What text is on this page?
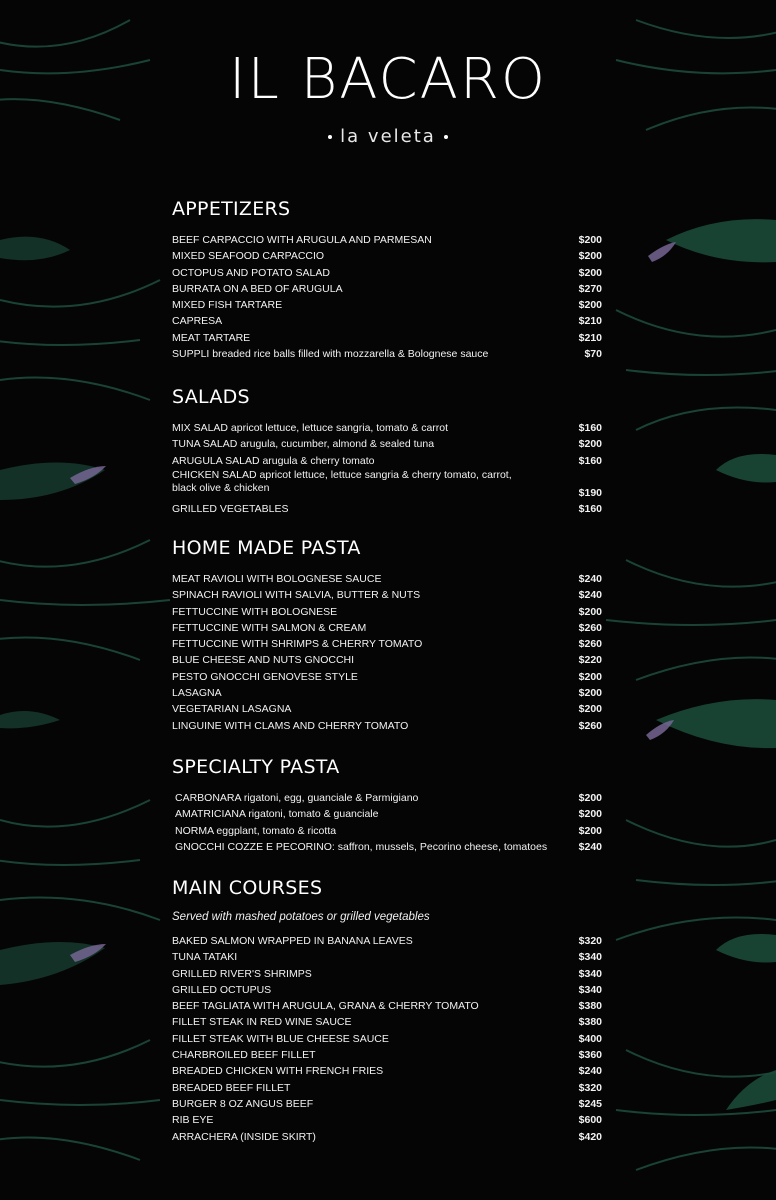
IL BACARO
la veleta
APPETIZERS
BEEF CARPACCIO WITH ARUGULA AND PARMESAN	$200
MIXED SEAFOOD CARPACCIO	$200
OCTOPUS AND POTATO SALAD	$200
BURRATA ON A BED OF ARUGULA	$270
MIXED FISH TARTARE	$200
CAPRESA	$210
MEAT TARTARE	$210
SUPPLI breaded rice balls filled with mozzarella & Bolognese sauce	$70
SALADS
MIX SALAD apricot lettuce, lettuce sangria, tomato & carrot	$160
TUNA SALAD arugula, cucumber, almond & sealed tuna	$200
ARUGULA SALAD arugula & cherry tomato	$160
CHICKEN SALAD apricot lettuce, lettuce sangria & cherry tomato, carrot, black olive & chicken	$190
GRILLED VEGETABLES	$160
HOME MADE PASTA
MEAT RAVIOLI WITH BOLOGNESE SAUCE	$240
SPINACH RAVIOLI WITH SALVIA, BUTTER & NUTS	$240
FETTUCCINE WITH BOLOGNESE	$200
FETTUCCINE WITH SALMON & CREAM	$260
FETTUCCINE WITH SHRIMPS & CHERRY TOMATO	$260
BLUE CHEESE AND NUTS GNOCCHI	$220
PESTO GNOCCHI GENOVESE STYLE	$200
LASAGNA	$200
VEGETARIAN LASAGNA	$200
LINGUINE WITH CLAMS AND CHERRY TOMATO	$260
SPECIALTY PASTA
CARBONARA rigatoni, egg, guanciale & Parmigiano	$200
AMATRICIANA rigatoni, tomato & guanciale	$200
NORMA eggplant, tomato & ricotta	$200
GNOCCHI COZZE E PECORINO: saffron, mussels, Pecorino cheese, tomatoes	$240
MAIN COURSES
Served with mashed potatoes or grilled vegetables
BAKED SALMON WRAPPED IN BANANA LEAVES	$320
TUNA TATAKI	$340
GRILLED RIVER'S SHRIMPS	$340
GRILLED OCTUPUS	$340
BEEF TAGLIATA WITH ARUGULA, GRANA & CHERRY TOMATO	$380
FILLET STEAK IN RED WINE SAUCE	$380
FILLET STEAK WITH BLUE CHEESE SAUCE	$400
CHARBROILED BEEF FILLET	$360
BREADED CHICKEN WITH FRENCH FRIES	$240
BREADED BEEF FILLET	$320
BURGER 8 OZ ANGUS BEEF	$245
RIB EYE	$600
ARRACHERA (INSIDE SKIRT)	$420
